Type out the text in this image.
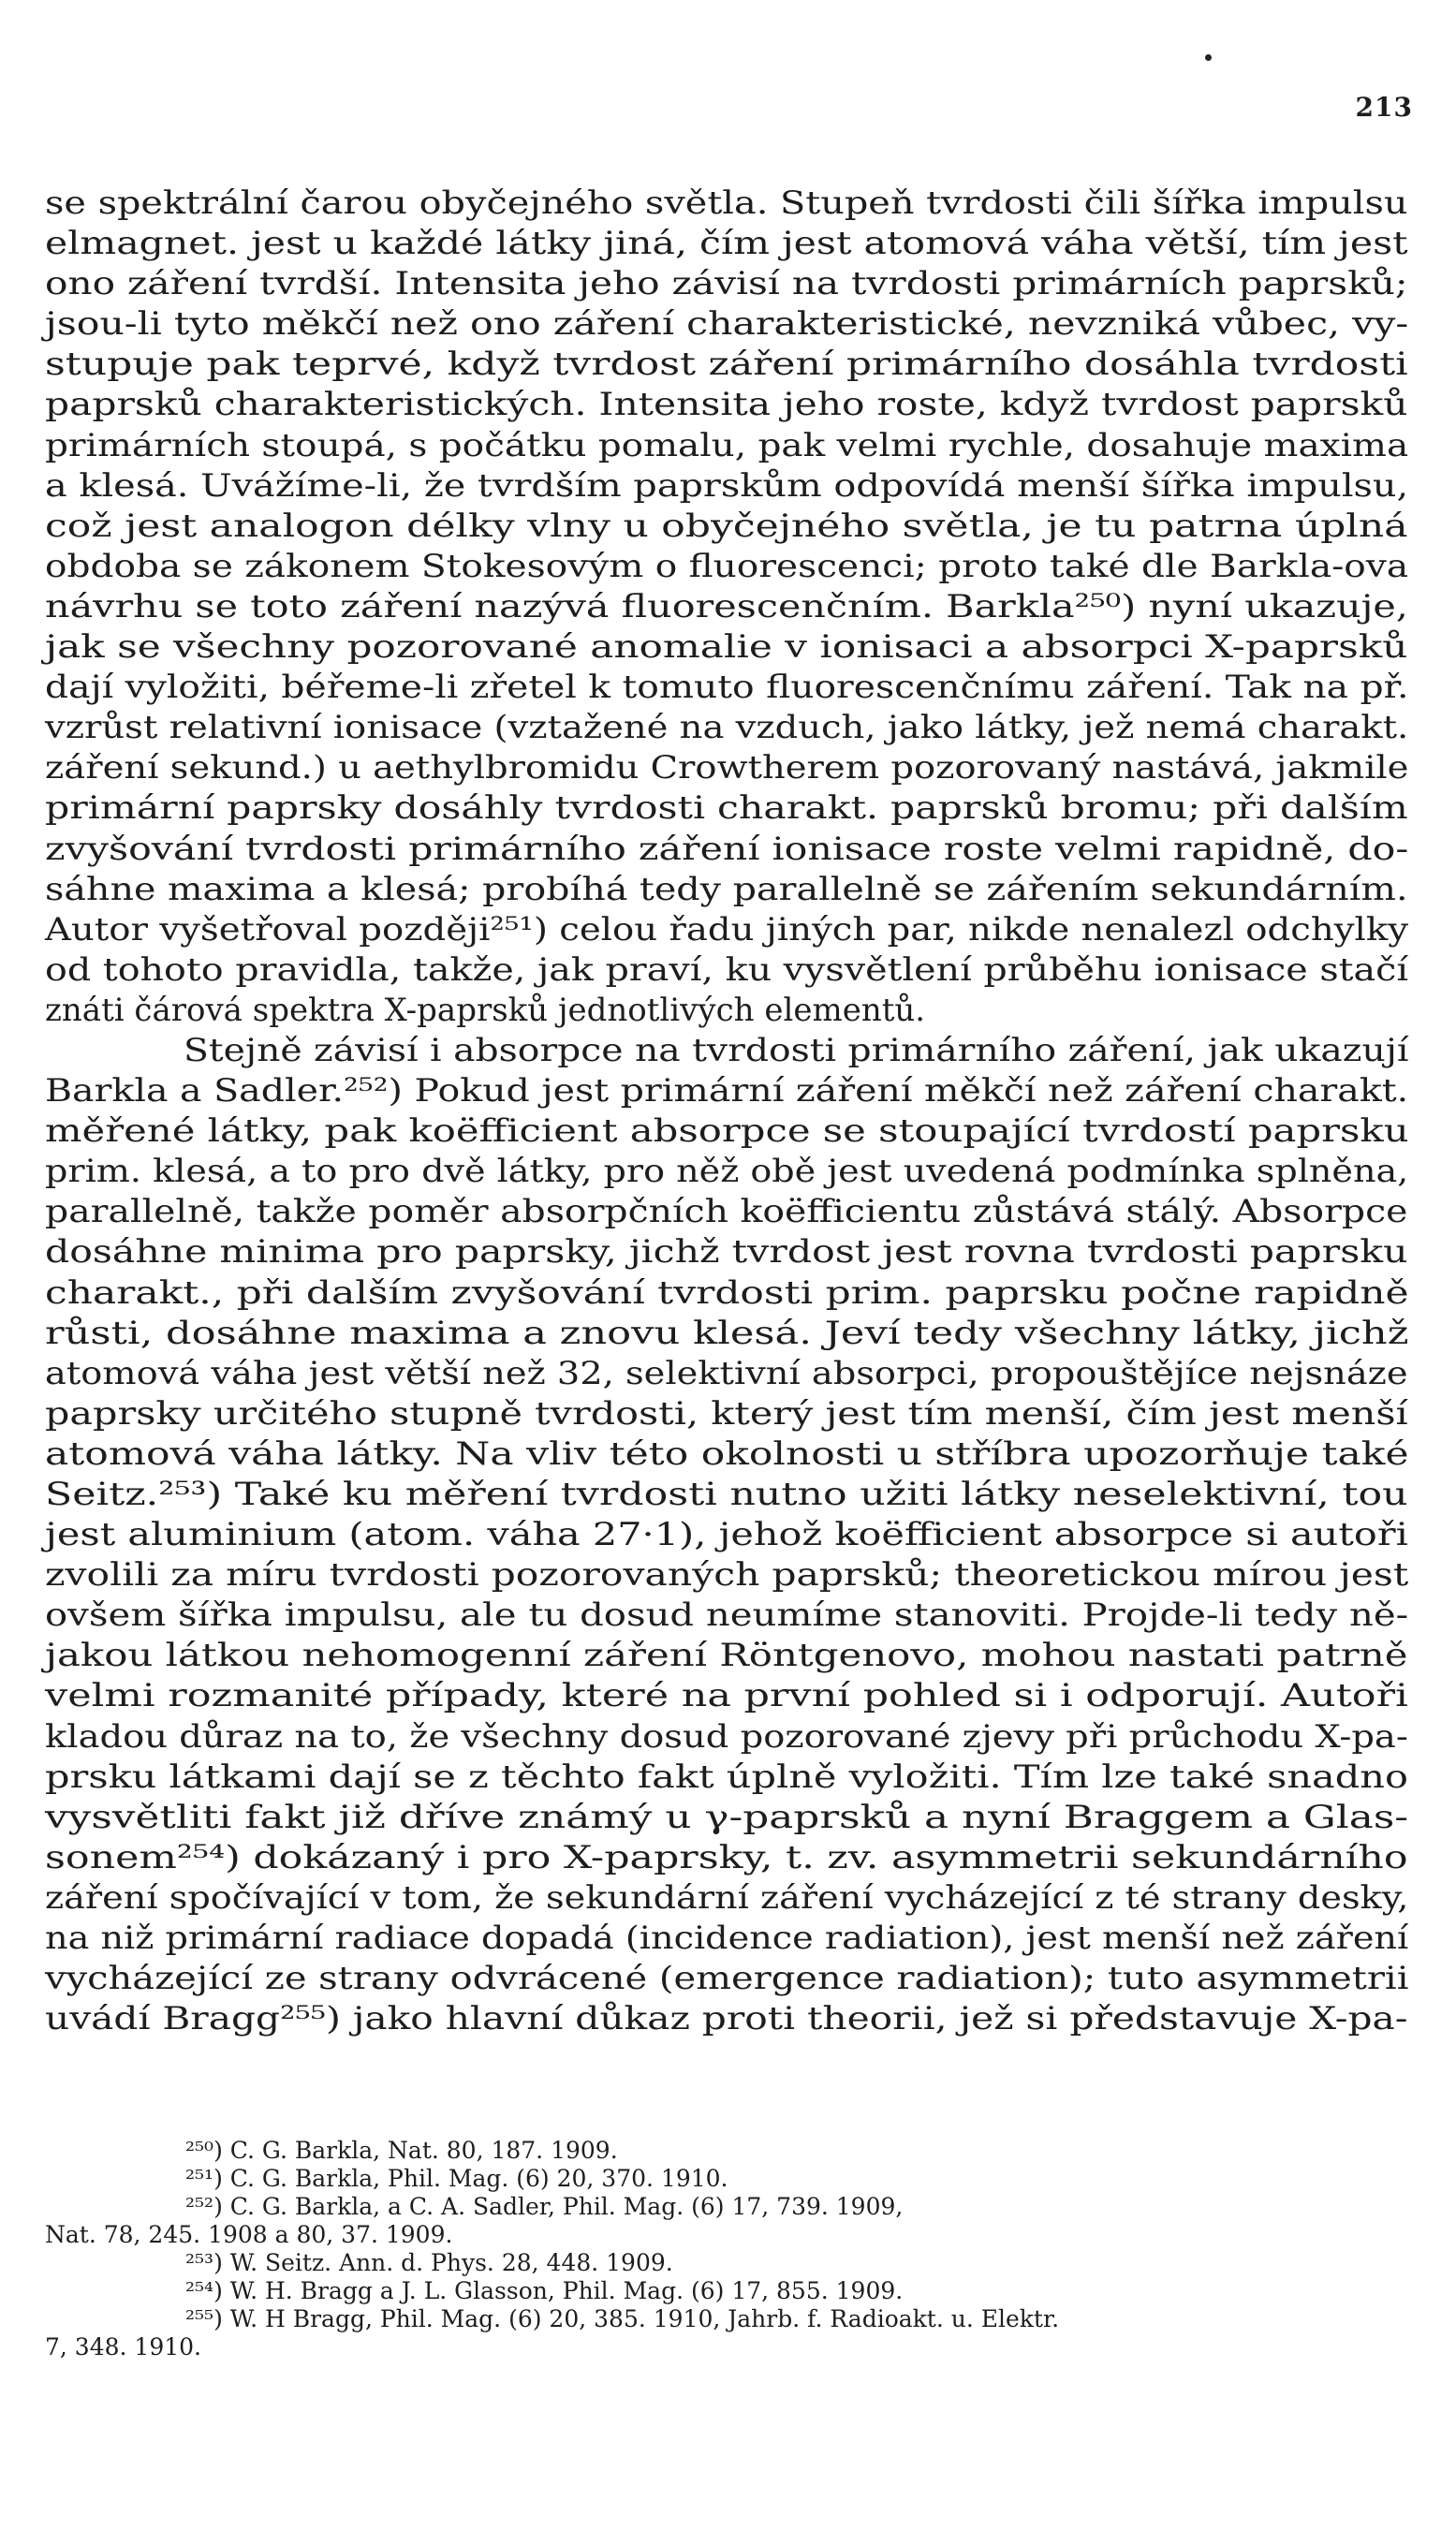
213
se spektrální čarou obyčejného světla. Stupeň tvrdosti čili šířka impulsu
elmagnet. jest u každé látky jiná, čím jest atomová váha větší, tím jest
ono záření tvrdší. Intensita jeho závisí na tvrdosti primárních paprsků;
jsou-li tyto měkčí než ono záření charakteristické, nevzniká vůbec, vy-
stupuje pak teprvé, když tvrdost záření primárního dosáhla tvrdosti
paprsků charakteristických. Intensita jeho roste, když tvrdost paprsků
primárních stoupá, s počátku pomalu, pak velmi rychle, dosahuje maxima
a klesá. Uvážíme-li, že tvrdším paprskům odpovídá menší šířka impulsu,
což jest analogon délky vlny u obyčejného světla, je tu patrna úplná
obdoba se zákonem Stokesovým o fluorescenci; proto také dle Barkla-ova
návrhu se toto záření nazývá fluorescenčním. Barkla²⁵⁰) nyní ukazuje,
jak se všechny pozorované anomalie v ionisaci a absorpci X-paprsků
dají vyložiti, béřeme-li zřetel k tomuto fluorescenčnímu záření. Tak na př.
vzrůst relativní ionisace (vztažené na vzduch, jako látky, jež nemá charakt.
záření sekund.) u aethylbromidu Crowtherem pozorovaný nastává, jakmile
primární paprsky dosáhly tvrdosti charakt. paprsků bromu; při dalším
zvyšování tvrdosti primárního záření ionisace roste velmi rapidně, do-
sáhne maxima a klesá; probíhá tedy parallelně se zářením sekundárním.
Autor vyšetřoval později²⁵¹) celou řadu jiných par, nikde nenalezl odchylky
od tohoto pravidla, takže, jak praví, ku vysvětlení průběhu ionisace stačí
znáti čárová spektra X-paprsků jednotlivých elementů.
Stejně závisí i absorpce na tvrdosti primárního záření, jak ukazují
Barkla a Sadler.²⁵²) Pokud jest primární záření měkčí než záření charakt.
měřené látky, pak koëfficient absorpce se stoupající tvrdostí paprsku
prim. klesá, a to pro dvě látky, pro něž obě jest uvedená podmínka splněna,
parallelně, takže poměr absorpčních koëfficientu zůstává stálý. Absorpce
dosáhne minima pro paprsky, jichž tvrdost jest rovna tvrdosti paprsku
charakt., při dalším zvyšování tvrdosti prim. paprsku počne rapidně
růsti, dosáhne maxima a znovu klesá. Jeví tedy všechny látky, jichž
atomová váha jest větší než 32, selektivní absorpci, propouštějíce nejsnáze
paprsky určitého stupně tvrdosti, který jest tím menší, čím jest menší
atomová váha látky. Na vliv této okolnosti u stříbra upozorňuje také
Seitz.²⁵³) Také ku měření tvrdosti nutno užiti látky neselektivní, tou
jest aluminium (atom. váha 27·1), jehož koëfficient absorpce si autoři
zvolili za míru tvrdosti pozorovaných paprsků; theoretickou mírou jest
ovšem šířka impulsu, ale tu dosud neumíme stanoviti. Projde-li tedy ně-
jakou látkou nehomogenní záření Röntgenovo, mohou nastati patrně
velmi rozmanité případy, které na první pohled si i odporují. Autoři
kladou důraz na to, že všechny dosud pozorované zjevy při průchodu X-pa-
prsku látkami dají se z těchto fakt úplně vyložiti. Tím lze také snadno
vysvětliti fakt již dříve známý u γ-paprsků a nyní Braggem a Glas-
sonem²⁵⁴) dokázaný i pro X-paprsky, t. zv. asymmetrii sekundárního
záření spočívající v tom, že sekundární záření vycházející z té strany desky,
na niž primární radiace dopadá (incidence radiation), jest menší než záření
vycházející ze strany odvrácené (emergence radiation); tuto asymmetrii
uvádí Bragg²⁵⁵) jako hlavní důkaz proti theorii, jež si představuje X-pa-
²⁵⁰) C. G. Barkla, Nat. 80, 187. 1909.
²⁵¹) C. G. Barkla, Phil. Mag. (6) 20, 370. 1910.
²⁵²) C. G. Barkla, a C. A. Sadler, Phil. Mag. (6) 17, 739. 1909,
Nat. 78, 245. 1908 a 80, 37. 1909.
²⁵³) W. Seitz. Ann. d. Phys. 28, 448. 1909.
²⁵⁴) W. H. Bragg a J. L. Glasson, Phil. Mag. (6) 17, 855. 1909.
²⁵⁵) W. H Bragg, Phil. Mag. (6) 20, 385. 1910, Jahrb. f. Radioakt. u. Elektr.
7, 348. 1910.
